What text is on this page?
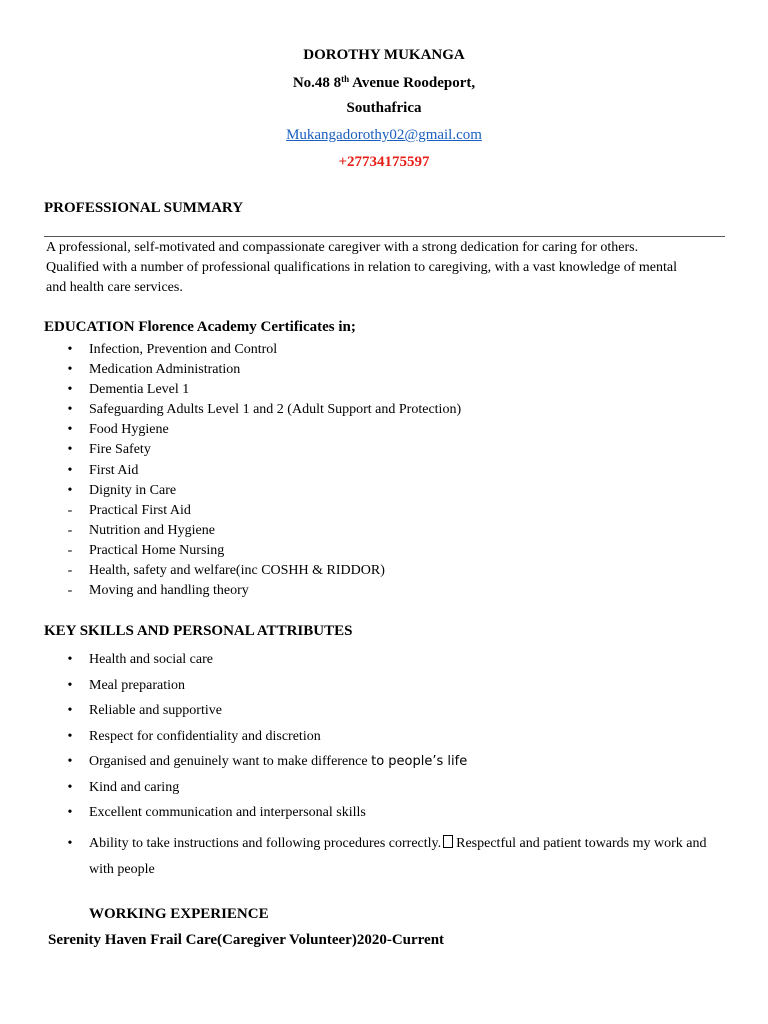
DOROTHY MUKANGA
No.48 8th Avenue Roodeport,
Southafrica
Mukangadorothy02@gmail.com
+27734175597
PROFESSIONAL SUMMARY
A professional, self-motivated and compassionate caregiver with a strong dedication for caring for others. Qualified with a number of professional qualifications in relation to caregiving, with a vast knowledge of mental and health care services.
EDUCATION Florence Academy Certificates in;
• Infection, Prevention and Control
• Medication Administration
• Dementia Level 1
• Safeguarding Adults Level 1 and 2 (Adult Support and Protection)
• Food Hygiene
• Fire Safety
• First Aid
• Dignity in Care
- Practical First Aid
- Nutrition and Hygiene
- Practical Home Nursing
- Health, safety and welfare(inc COSHH & RIDDOR)
- Moving and handling theory
KEY SKILLS AND PERSONAL ATTRIBUTES
• Health and social care
• Meal preparation
• Reliable and supportive
• Respect for confidentiality and discretion
• Organised and genuinely want to make difference to people’s life
• Kind and caring
• Excellent communication and interpersonal skills
• Ability to take instructions and following procedures correctly. Respectful and patient towards my work and with people
WORKING EXPERIENCE
Serenity Haven Frail Care(Caregiver Volunteer)2020-Current
